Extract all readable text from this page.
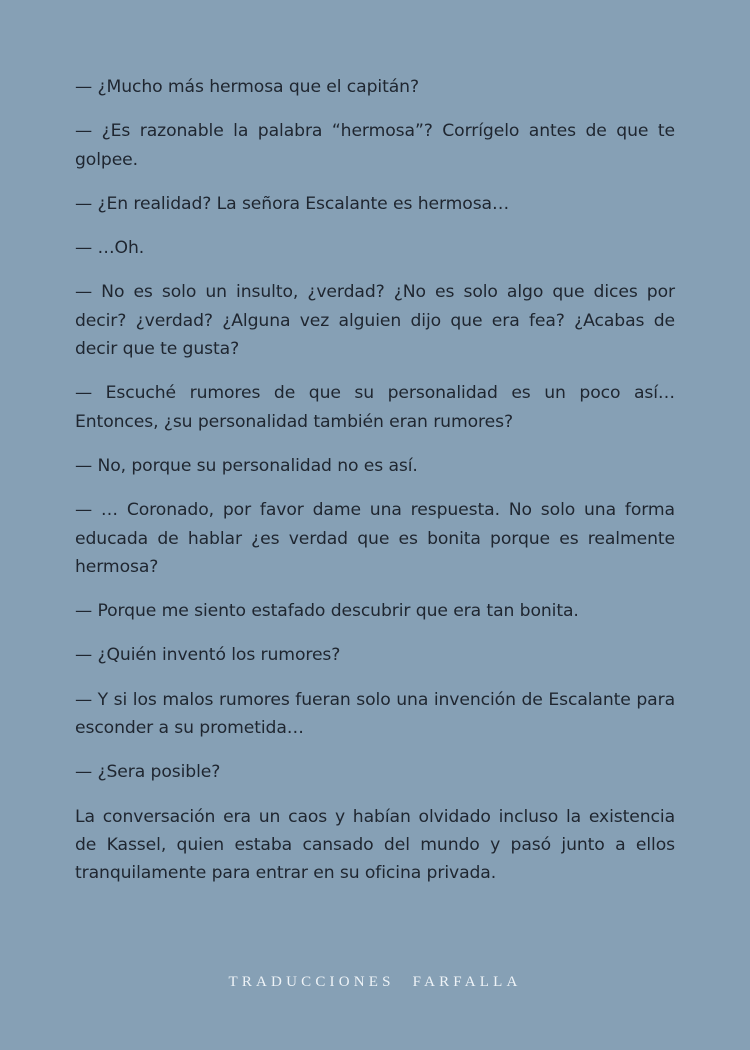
— ¿Mucho más hermosa que el capitán?

— ¿Es razonable la palabra “hermosa”? Corrígelo antes de que te golpee.

— ¿En realidad? La señora Escalante es hermosa…

— …Oh.

— No es solo un insulto, ¿verdad? ¿No es solo algo que dices por decir? ¿verdad? ¿Alguna vez alguien dijo que era fea? ¿Acabas de decir que te gusta?

— Escuché rumores de que su personalidad es un poco así… Entonces, ¿su personalidad también eran rumores?

— No, porque su personalidad no es así.

— … Coronado, por favor dame una respuesta. No solo una forma educada de hablar ¿es verdad que es bonita porque es realmente hermosa?

— Porque me siento estafado descubrir que era tan bonita.

— ¿Quién inventó los rumores?

— Y si los malos rumores fueran solo una invención de Escalante para esconder a su prometida…

— ¿Sera posible?

La conversación era un caos y habían olvidado incluso la existencia de Kassel, quien estaba cansado del mundo y pasó junto a ellos tranquilamente para entrar en su oficina privada.

TRADUCCIONES FARFALLA
